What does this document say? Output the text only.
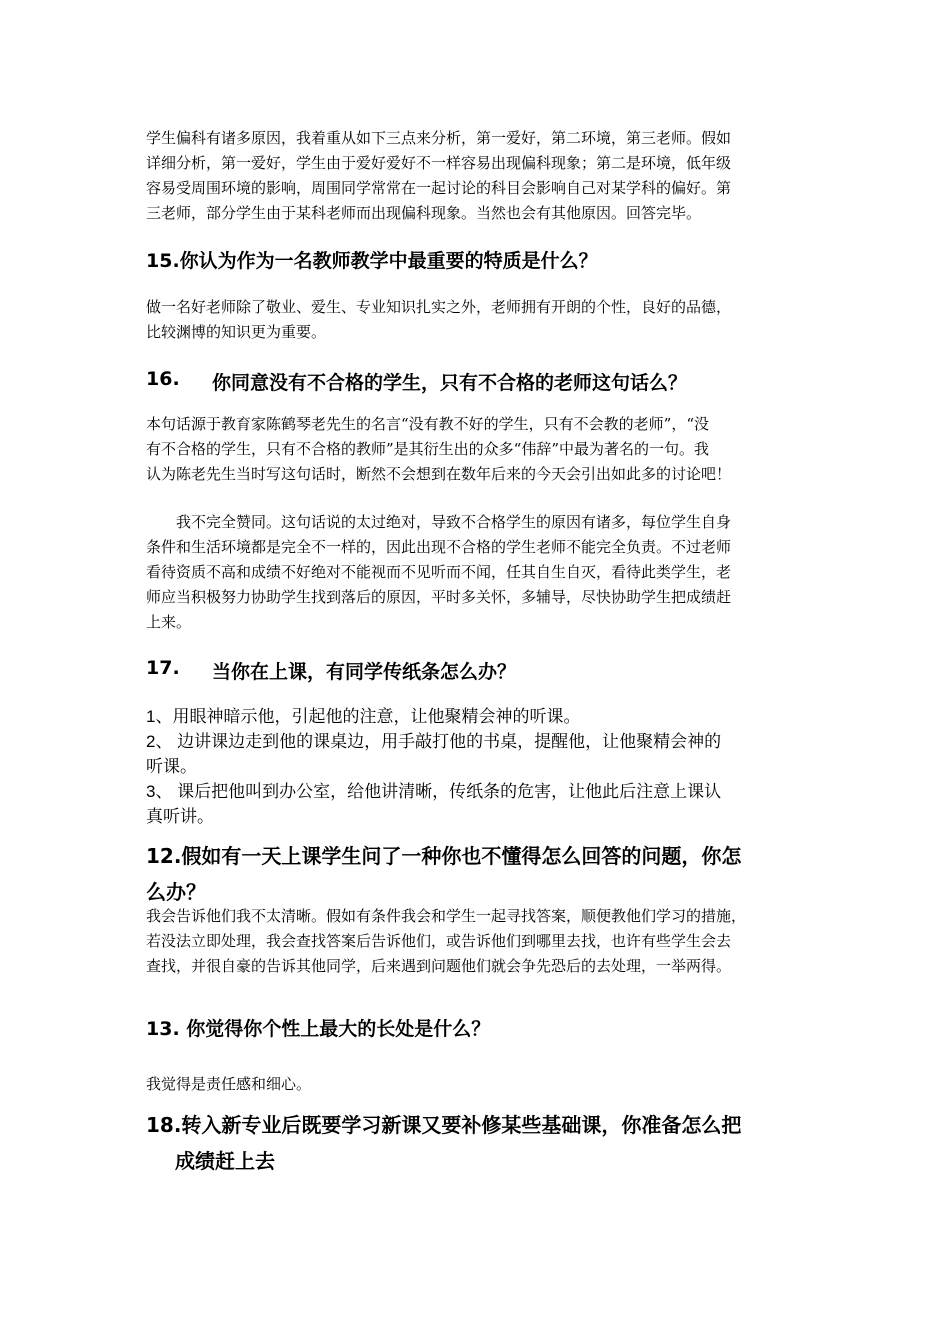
学生偏科有诸多原因，我着重从如下三点来分析，第一爱好，第二环境，第三老师。假如

详细分析，第一爱好，学生由于爱好爱好不一样容易出现偏科现象；第二是环境，低年级

容易受周围环境的影响，周围同学常常在一起讨论的科目会影响自己对某学科的偏好。第

三老师，部分学生由于某科老师而出现偏科现象。当然也会有其他原因。回答完毕。

15.你认为作为一名教师教学中最重要的特质是什么？

做一名好老师除了敬业、爱生、专业知识扎实之外，老师拥有开朗的个性，良好的品德，

比较渊博的知识更为重要。

16. 你同意没有不合格的学生，只有不合格的老师这句话么？

本句话源于教育家陈鹤琴老先生的名言“没有教不好的学生，只有不会教的老师”，“没

有不合格的学生，只有不合格的教师”是其衍生出的众多“伟辞”中最为著名的一句。我

认为陈老先生当时写这句话时，断然不会想到在数年后来的今天会引出如此多的讨论吧！

　　我不完全赞同。这句话说的太过绝对，导致不合格学生的原因有诸多，每位学生自身

条件和生活环境都是完全不一样的，因此出现不合格的学生老师不能完全负责。不过老师

看待资质不高和成绩不好绝对不能视而不见听而不闻，任其自生自灭，看待此类学生，老

师应当积极努力协助学生找到落后的原因，平时多关怀，多辅导，尽快协助学生把成绩赶

上来。

17. 当你在上课，有同学传纸条怎么办？

1、用眼神暗示他，引起他的注意，让他聚精会神的听课。

2、 边讲课边走到他的课桌边，用手敲打他的书桌，提醒他，让他聚精会神的

听课。

3、 课后把他叫到办公室，给他讲清晰，传纸条的危害，让他此后注意上课认

真听讲。

12.假如有一天上课学生问了一种你也不懂得怎么回答的问题，你怎
么办？

我会告诉他们我不太清晰。假如有条件我会和学生一起寻找答案，顺便教他们学习的措施，

若没法立即处理，我会查找答案后告诉他们，或告诉他们到哪里去找，也许有些学生会去

查找，并很自豪的告诉其他同学，后来遇到问题他们就会争先恐后的去处理，一举两得。

13. 你觉得你个性上最大的长处是什么？

我觉得是责任感和细心。

18.转入新专业后既要学习新课又要补修某些基础课，你准备怎么把
成绩赶上去
